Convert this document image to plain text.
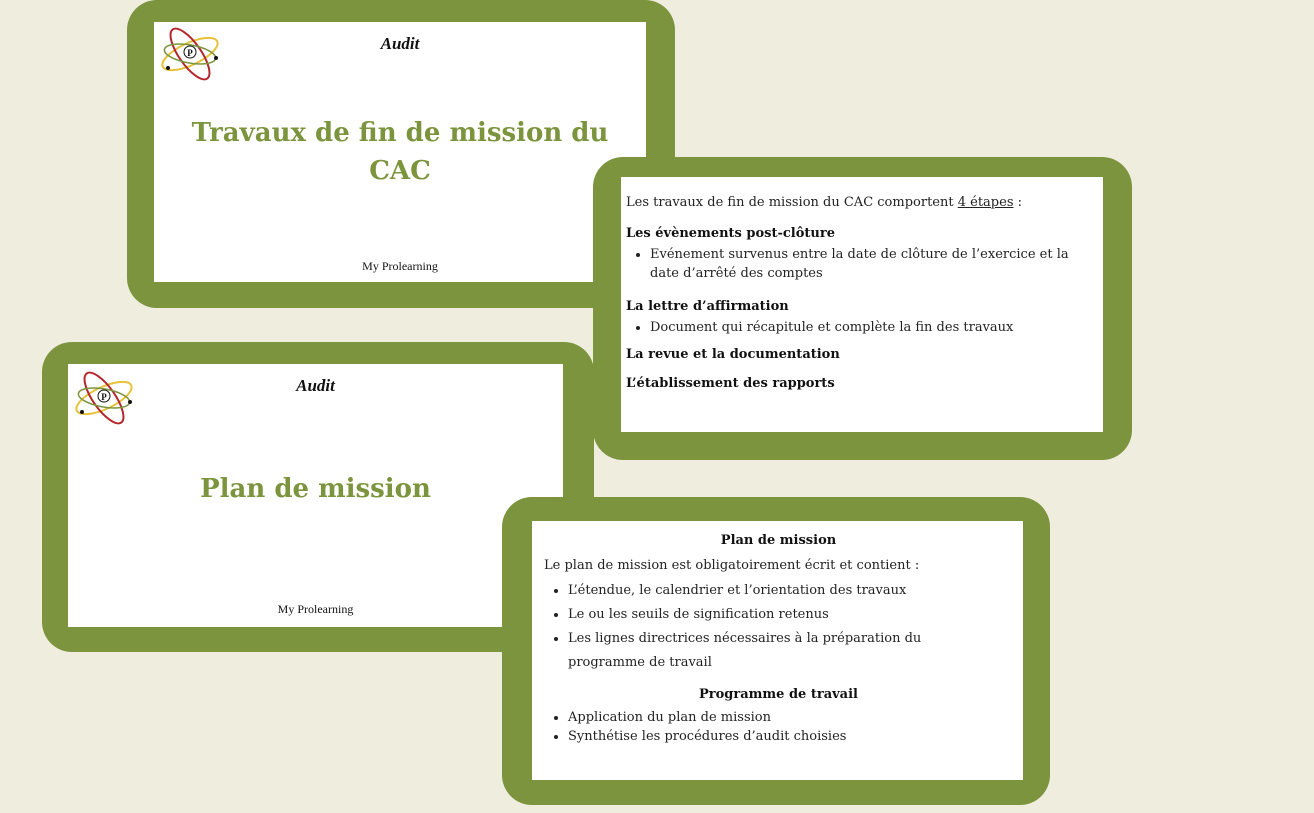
P	Audit
Travaux de fin de mission du CAC
My Prolearning
P
Audit
Plan de mission
My Prolearning
Les travaux de fin de mission du CAC comportent 4 étapes :
Les évènements post-clôture
• Evénement survenus entre la date de clôture de l’exercice et la date d’arrêté des comptes
La lettre d’affirmation
• Document qui récapitule et complète la fin des travaux
La revue et la documentation
L’établissement des rapports
Plan de mission
Le plan de mission est obligatoirement écrit et contient :
• L’étendue, le calendrier et l’orientation des travaux
• Le ou les seuils de signification retenus
• Les lignes directrices nécessaires à la préparation du programme de travail
Programme de travail
• Application du plan de mission
• Synthétise les procédures d’audit choisies
